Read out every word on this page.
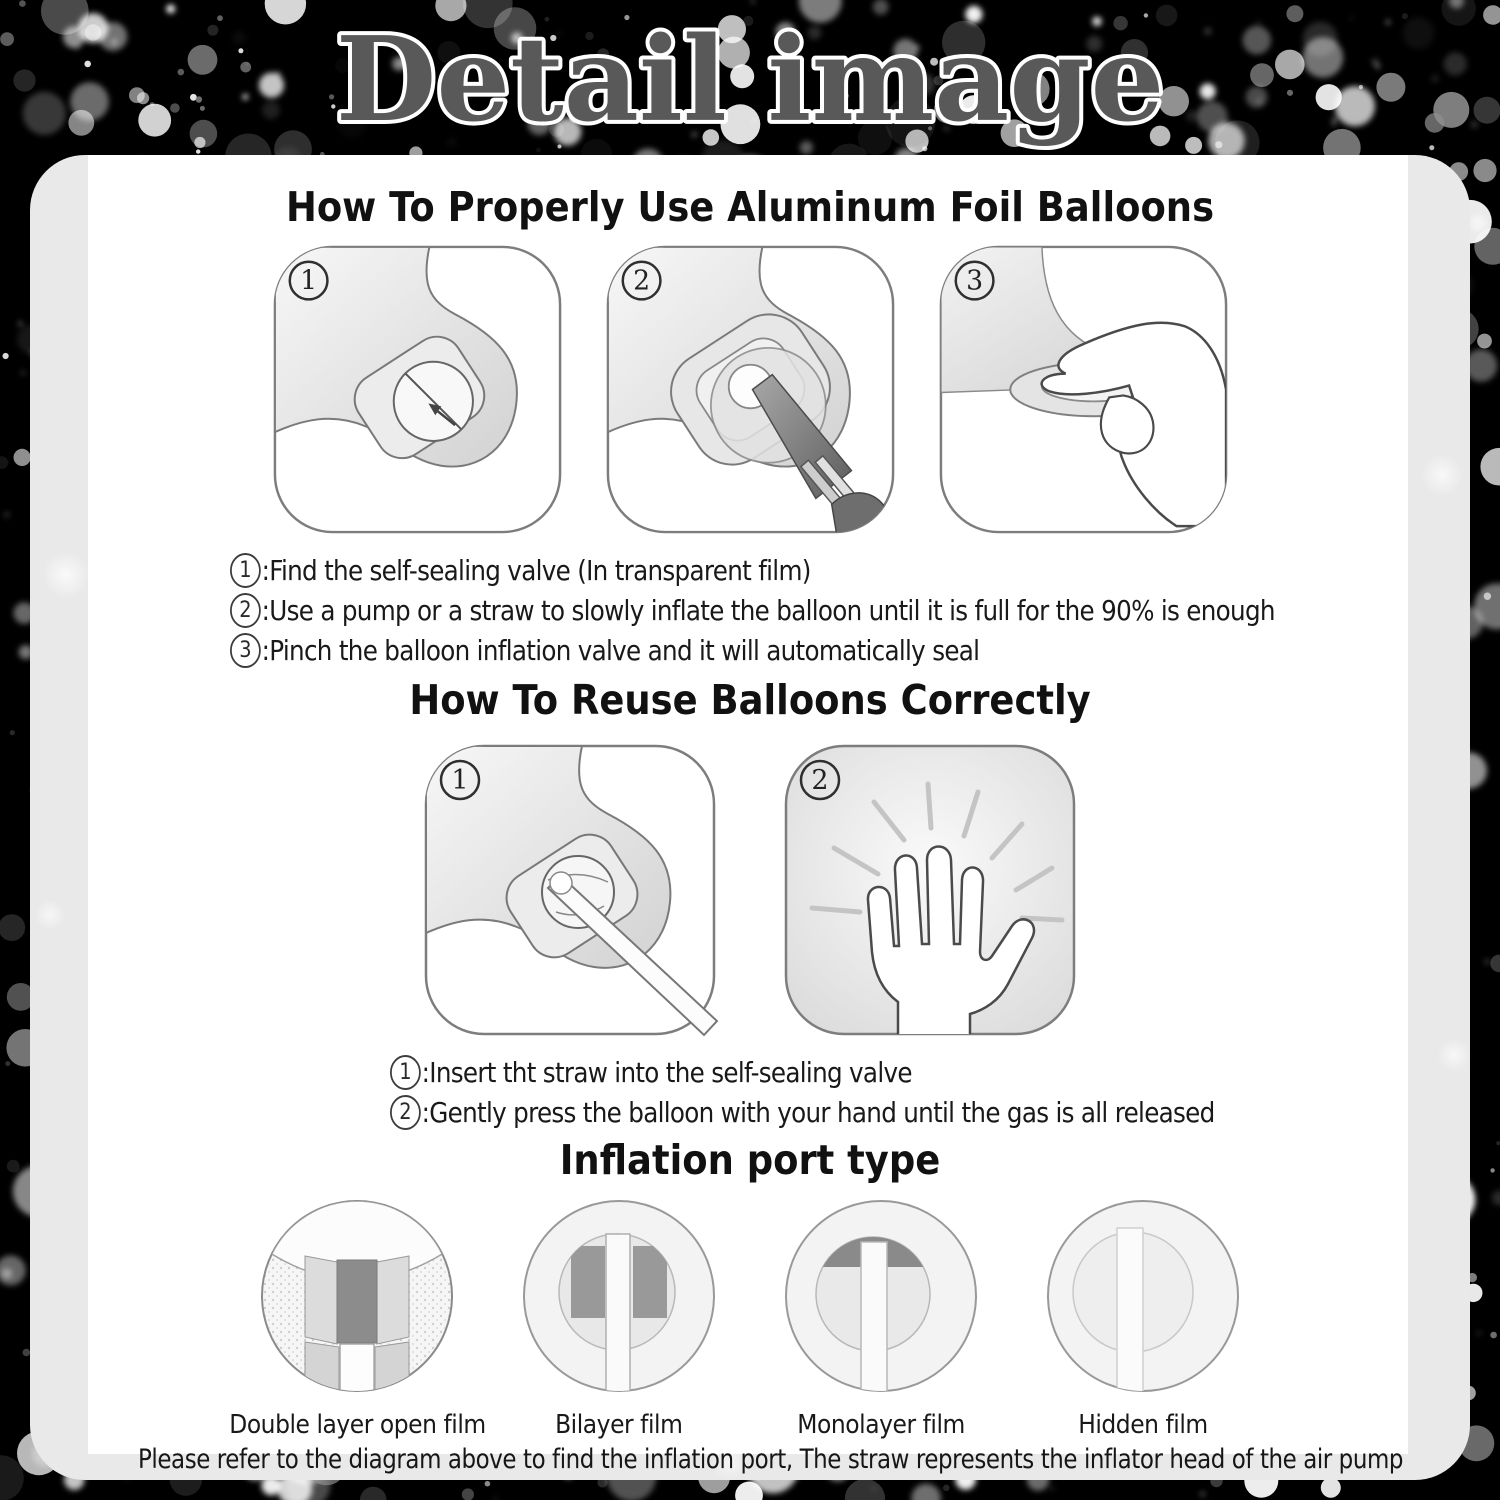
Detail image
How To Properly Use Aluminum Foil Balloons
1	2	3
1 :Find the self-sealing valve (In transparent film)
2 :Use a pump or a straw to slowly inflate the balloon until it is full for the 90% is enough
3 :Pinch the balloon inflation valve and it will automatically seal
How To Reuse Balloons Correctly
1	2
1 :Insert tht straw into the self-sealing valve
2 :Gently press the balloon with your hand until the gas is all released
Inflation port type
Double layer open film	Bilayer film	Monolayer film	Hidden film
Please refer to the diagram above to find the inflation port, The straw represents the inflator head of the air pump
